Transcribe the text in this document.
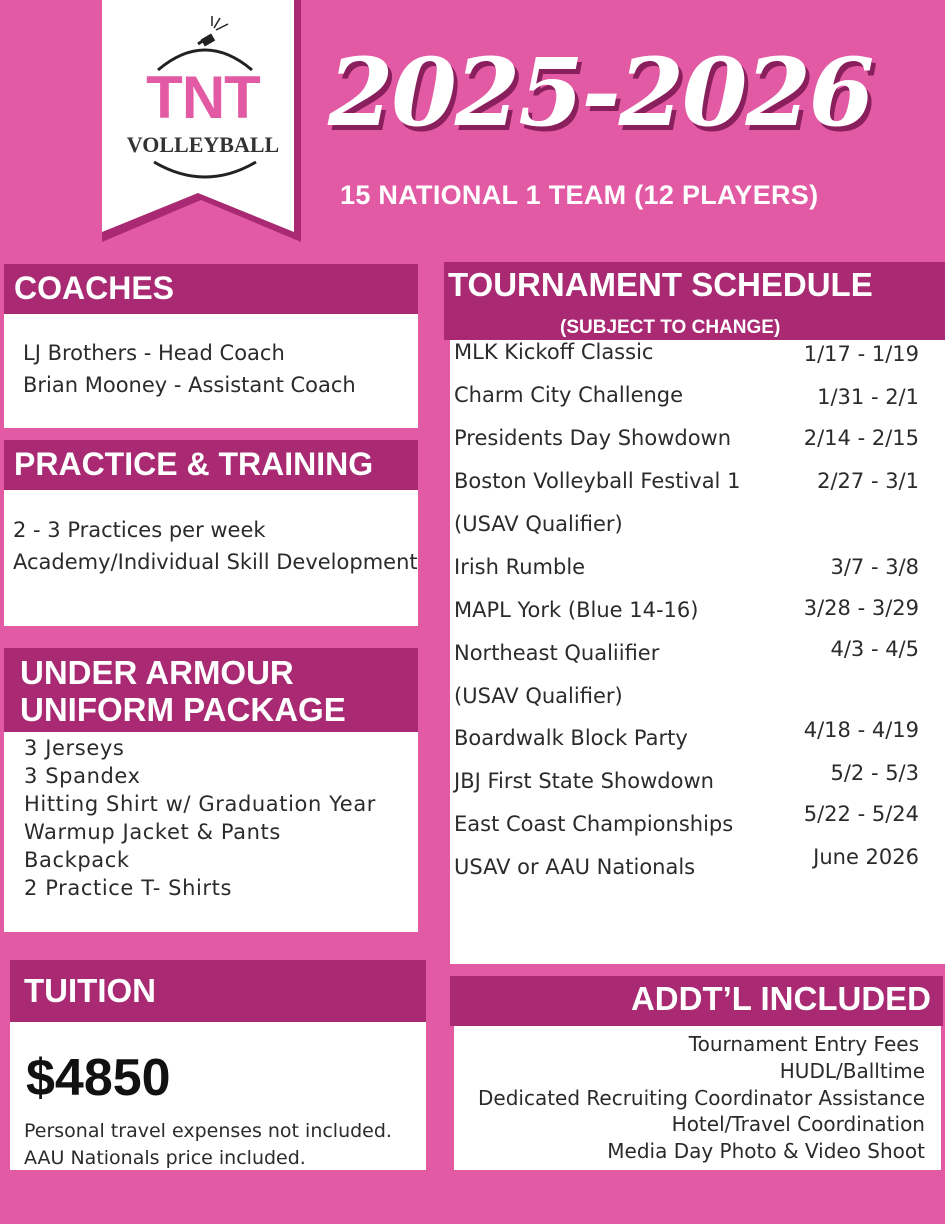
TNT
VOLLEYBALL 2025-2026
15 NATIONAL 1 TEAM (12 PLAYERS)
COACHES
LJ Brothers - Head Coach
Brian Mooney - Assistant Coach
PRACTICE & TRAINING
2 - 3 Practices per week
Academy/Individual Skill Development
UNDER ARMOUR
UNIFORM PACKAGE
3 Jerseys
3 Spandex
Hitting Shirt w/ Graduation Year
Warmup Jacket & Pants
Backpack
2 Practice T- Shirts
TUITION
$4850
Personal travel expenses not included.
AAU Nationals price included.
TOURNAMENT SCHEDULE
(SUBJECT TO CHANGE)
MLK Kickoff Classic	1/17 - 1/19
Charm City Challenge	1/31 - 2/1
Presidents Day Showdown	2/14 - 2/15
Boston Volleyball Festival 1	2/27 - 3/1
(USAV Qualifier)
Irish Rumble	3/7 - 3/8
MAPL York (Blue 14-16)	3/28 - 3/29
Northeast Qualiifier	4/3 - 4/5
(USAV Qualifier)
Boardwalk Block Party	4/18 - 4/19
JBJ First State Showdown	5/2 - 5/3
East Coast Championships	5/22 - 5/24
USAV or AAU Nationals	June 2026
ADDT’L INCLUDED
Tournament Entry Fees
HUDL/Balltime
Dedicated Recruiting Coordinator Assistance
Hotel/Travel Coordination
Media Day Photo & Video Shoot
